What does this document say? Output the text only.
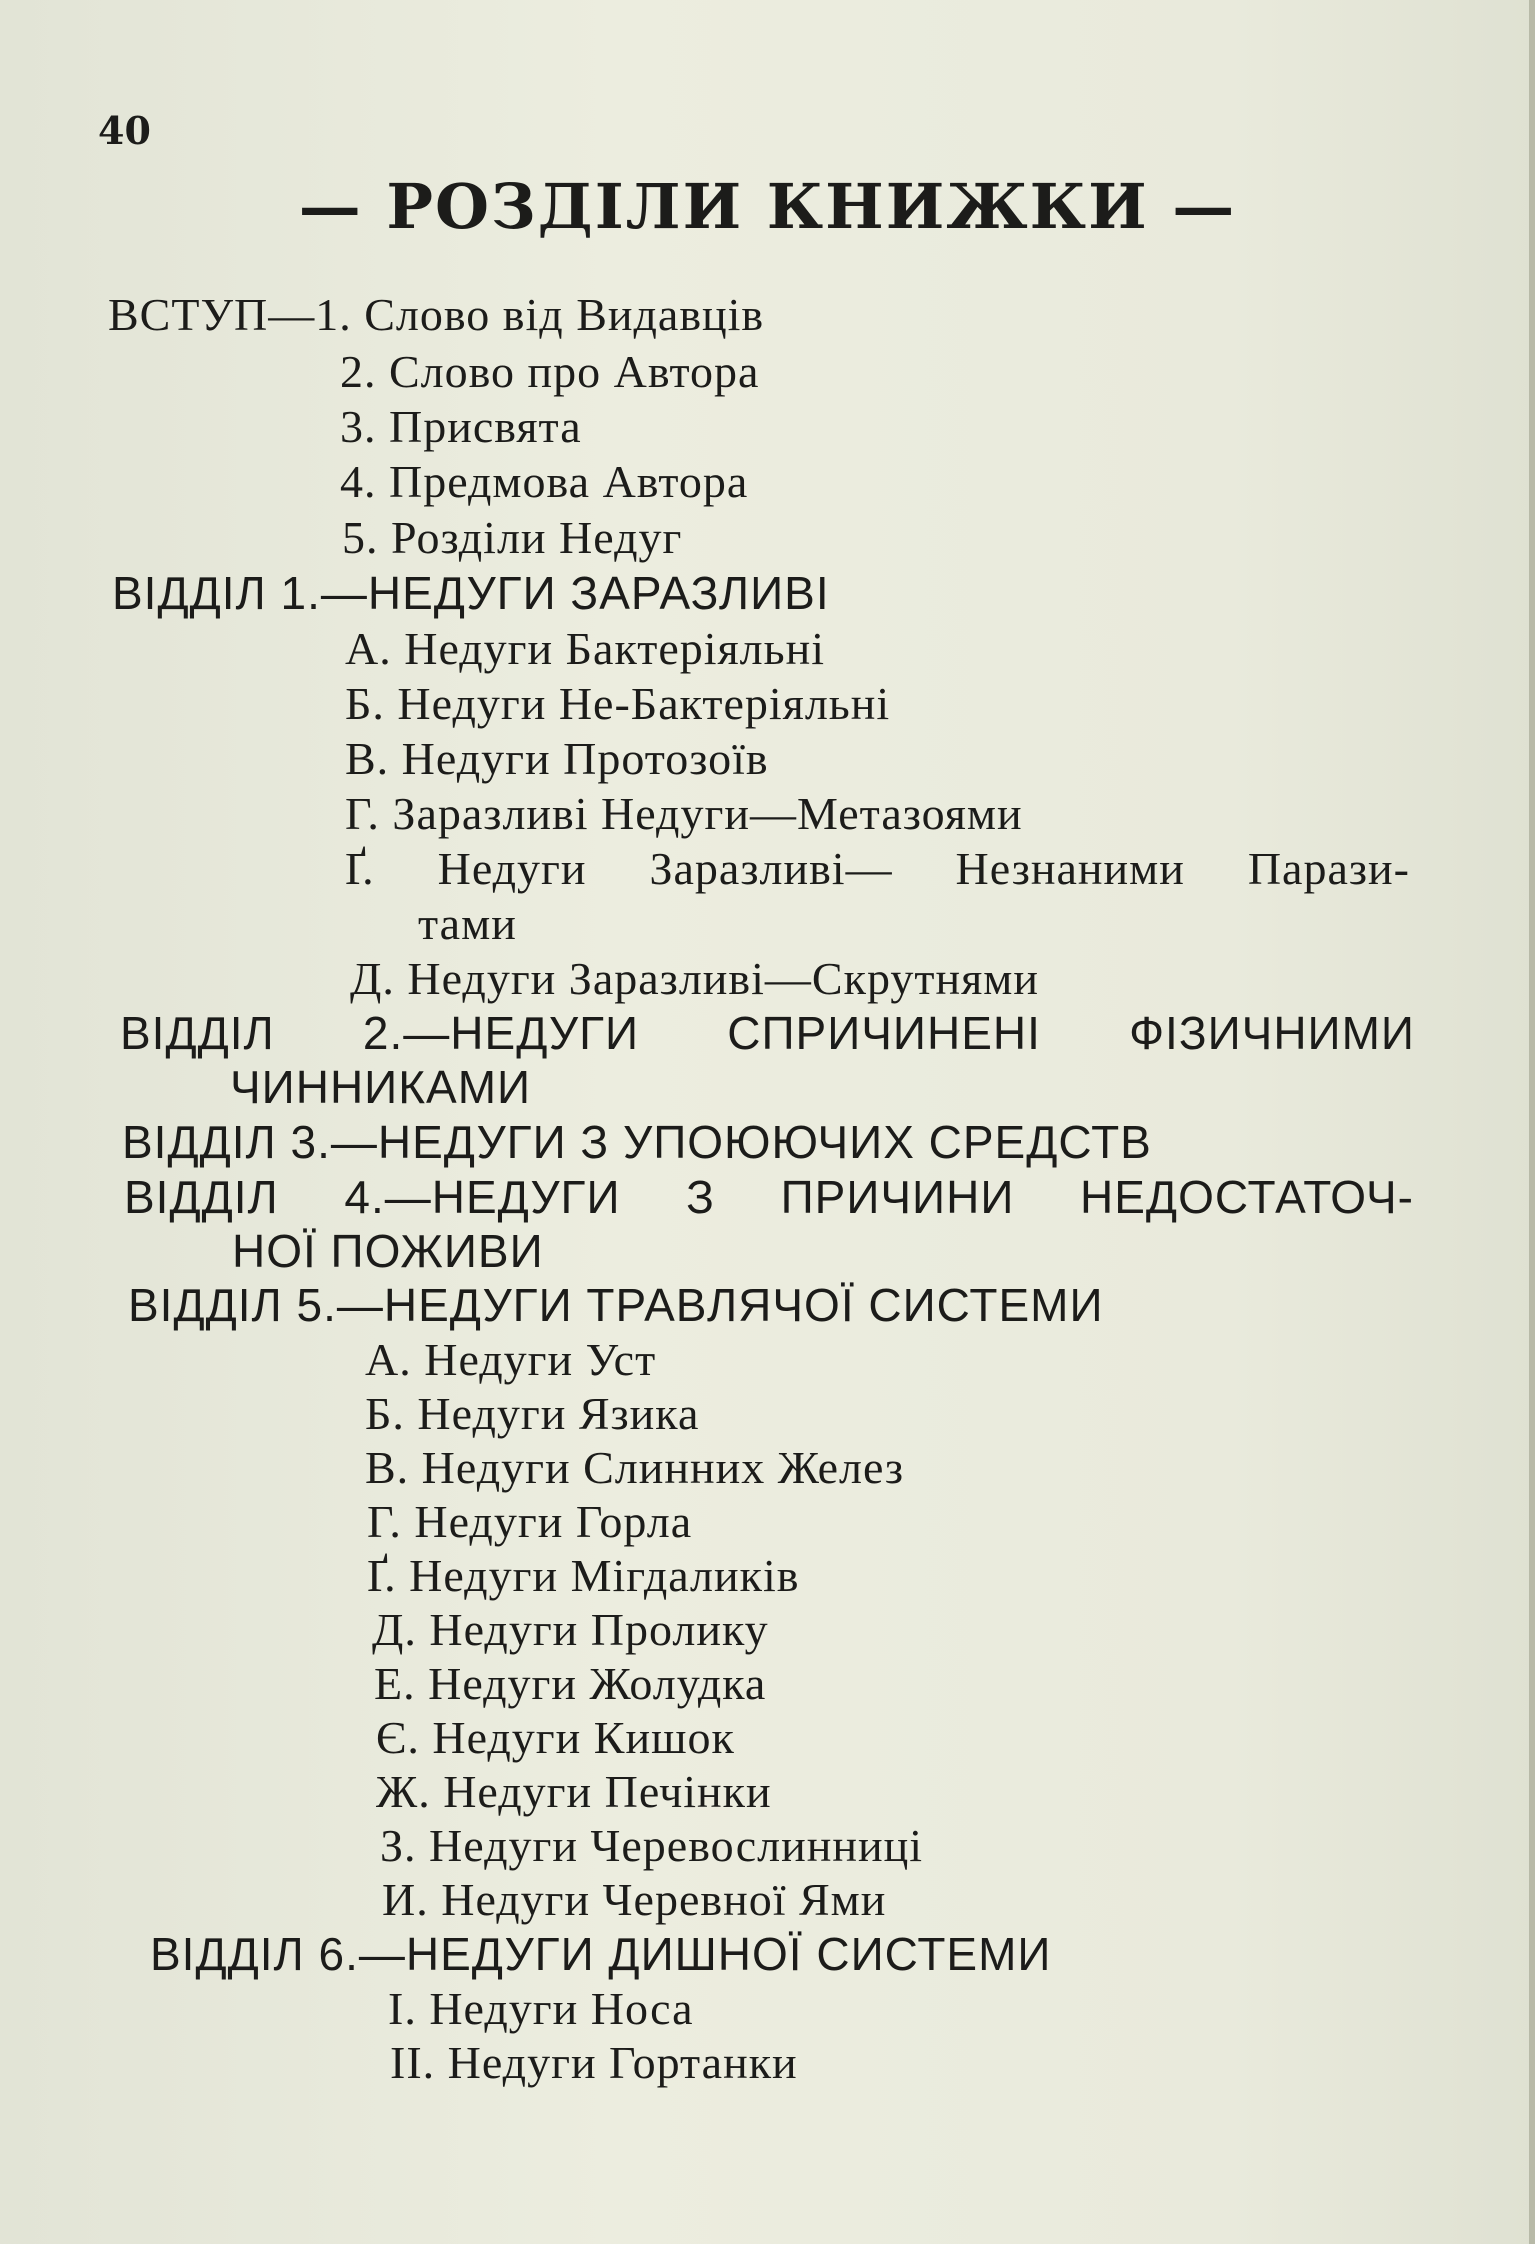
40
— РОЗДІЛИ КНИЖКИ —
ВСТУП—1. Слово від Видавців
2. Слово про Автора
3. Присвята
4. Предмова Автора
5. Розділи Недуг
ВІДДІЛ 1.—НЕДУГИ ЗАРАЗЛИВІ
А. Недуги Бактеріяльні
Б. Недуги Не-Бактеріяльні
В. Недуги Протозоїв
Г. Заразливі Недуги—Метазоями
Ґ. Недуги Заразливі— Незнаними Парази-
тами
Д. Недуги Заразливі—Скрутнями
ВІДДІЛ 2.—НЕДУГИ СПРИЧИНЕНІ ФІЗИЧНИМИ
ЧИННИКАМИ
ВІДДІЛ 3.—НЕДУГИ З УПОЮЮЧИХ СРЕДСТВ
ВІДДІЛ 4.—НЕДУГИ З ПРИЧИНИ НЕДОСТАТОЧ-
НОЇ ПОЖИВИ
ВІДДІЛ 5.—НЕДУГИ ТРАВЛЯЧОЇ СИСТЕМИ
А. Недуги Уст
Б. Недуги Язика
В. Недуги Слинних Желез
Г. Недуги Горла
Ґ. Недуги Мігдаликів
Д. Недуги Пролику
Е. Недуги Жолудка
Є. Недуги Кишок
Ж. Недуги Печінки
З. Недуги Черевослинниці
И. Недуги Черевної Ями
ВІДДІЛ 6.—НЕДУГИ ДИШНОЇ СИСТЕМИ
І. Недуги Носа
ІІ. Недуги Гортанки
